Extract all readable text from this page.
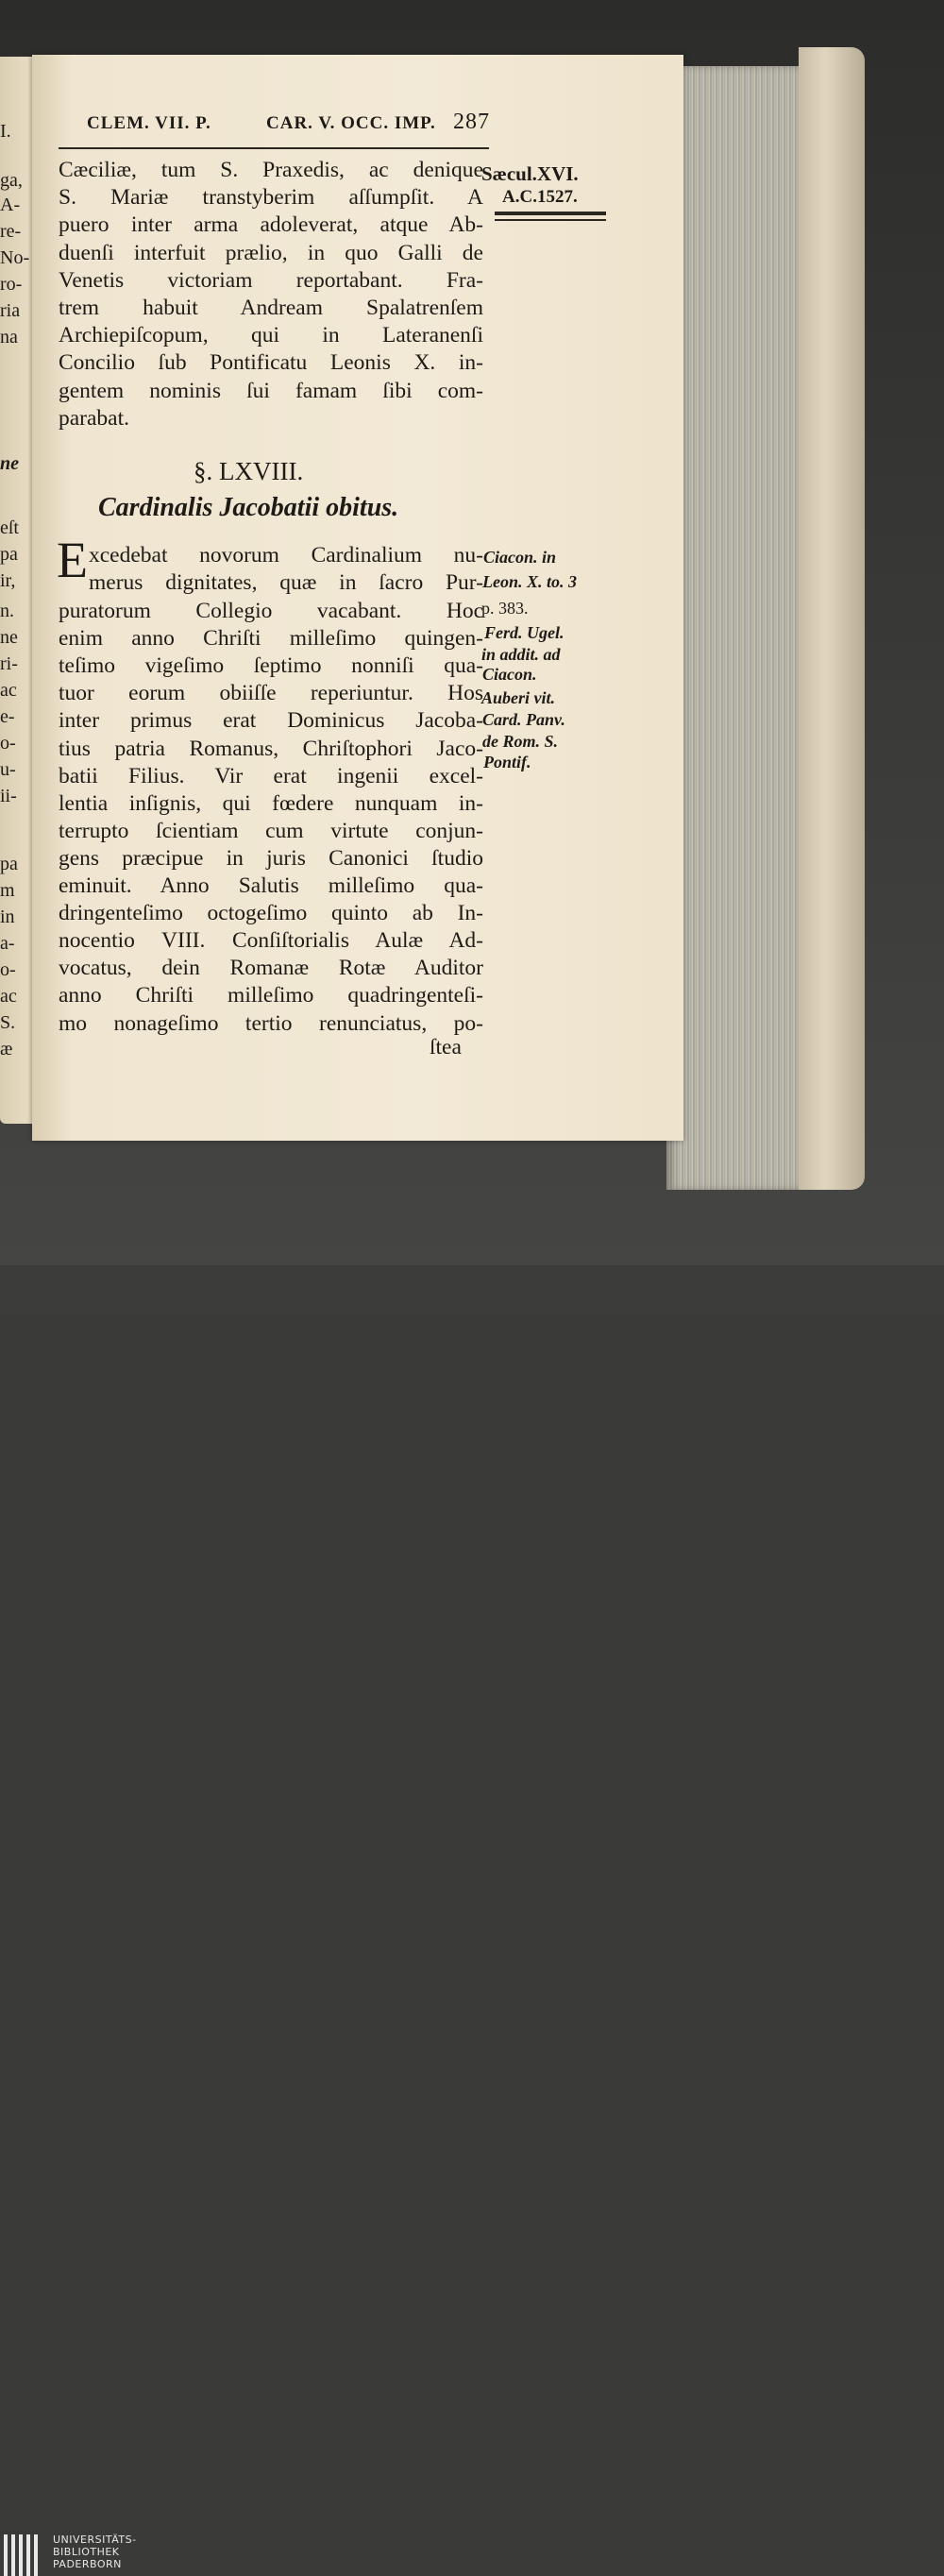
CLEM. VII. P.	CAR. V. OCC. IMP. 287
Sæcul.XVI.
A.C.1527.
§. LXVIII.
Cardinalis Jacobatii obitus.
E
ſtea
Cæciliæ, tum S. Praxedis, ac denique
S. Mariæ transtyberim aſſumpſit. A
puero inter arma adoleverat, atque Ab-
duenſi interfuit prælio, in quo Galli de
Venetis victoriam reportabant. Fra-
trem habuit Andream Spalatrenſem
Archiepiſcopum, qui in Lateranenſi
Concilio ſub Pontificatu Leonis X. in-
gentem nominis ſui famam ſibi com-
parabat.
xcedebat novorum Cardinalium nu-
merus dignitates, quæ in ſacro Pur-
puratorum Collegio vacabant. Hoc
enim anno Chriſti milleſimo quingen-
teſimo vigeſimo ſeptimo nonniſi qua-
tuor eorum obiiſſe reperiuntur. Hos
inter primus erat Dominicus Jacoba-
tius patria Romanus, Chriſtophori Jaco-
batii Filius. Vir erat ingenii excel-
lentia inſignis, qui fœdere nunquam in-
terrupto ſcientiam cum virtute conjun-
gens præcipue in juris Canonici ſtudio
eminuit. Anno Salutis milleſimo qua-
dringenteſimo octogeſimo quinto ab In-
nocentio VIII. Conſiſtorialis Aulæ Ad-
vocatus, dein Romanæ Rotæ Auditor
anno Chriſti milleſimo quadringenteſi-
mo nonageſimo tertio renunciatus, po-
Ciacon. in
Leon. X. to. 3
p. 383.
Ferd. Ugel.
in addit. ad
Ciacon.
Auberi vit.
Card. Panv.
de Rom. S.
Pontif.
I.
ga,
A-
re-
No-
ro-
ria
na
ne
eſt
pa
ir,
n.
ne
ri-
ac
e-
o-
u-
ii-
pa
m
in
a-
o-
ac
S.
æ
UNIVERSITÄTS-
BIBLIOTHEK
PADERBORN
